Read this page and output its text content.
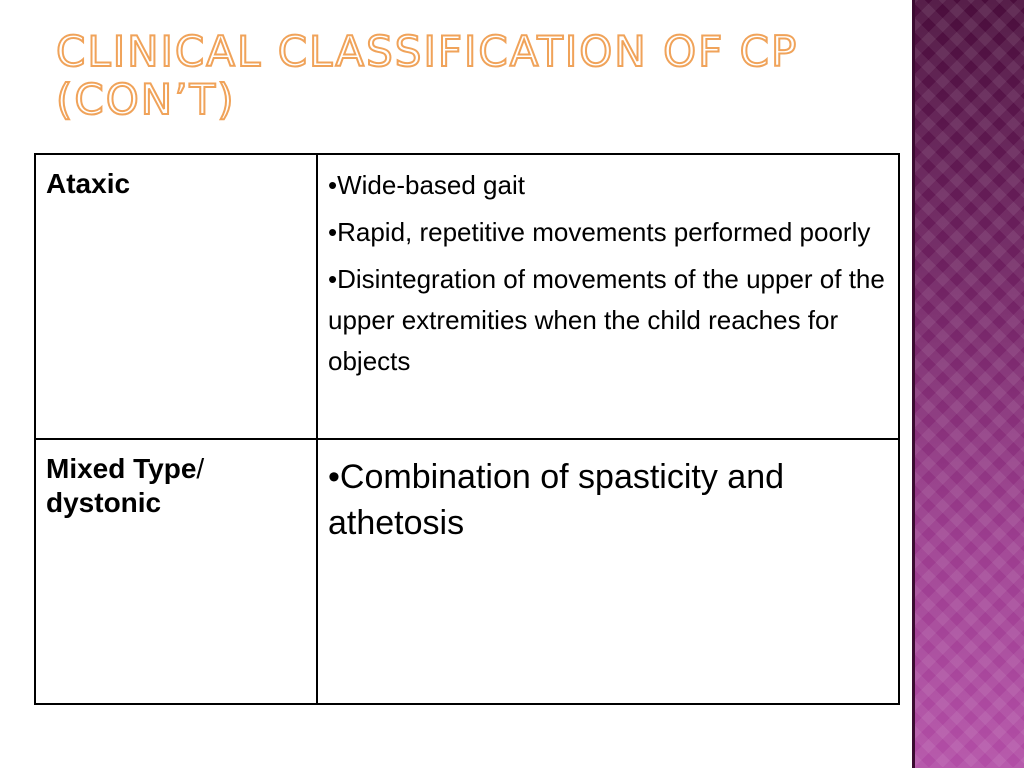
CLINICAL CLASSIFICATION OF CP
(CON’T)
Ataxic	•Wide-based gait

•Rapid, repetitive movements performed poorly

•Disintegration of movements of the upper of the upper extremities when the child reaches for objects

Mixed Type/
dystonic	•Combination of spasticity and athetosis
